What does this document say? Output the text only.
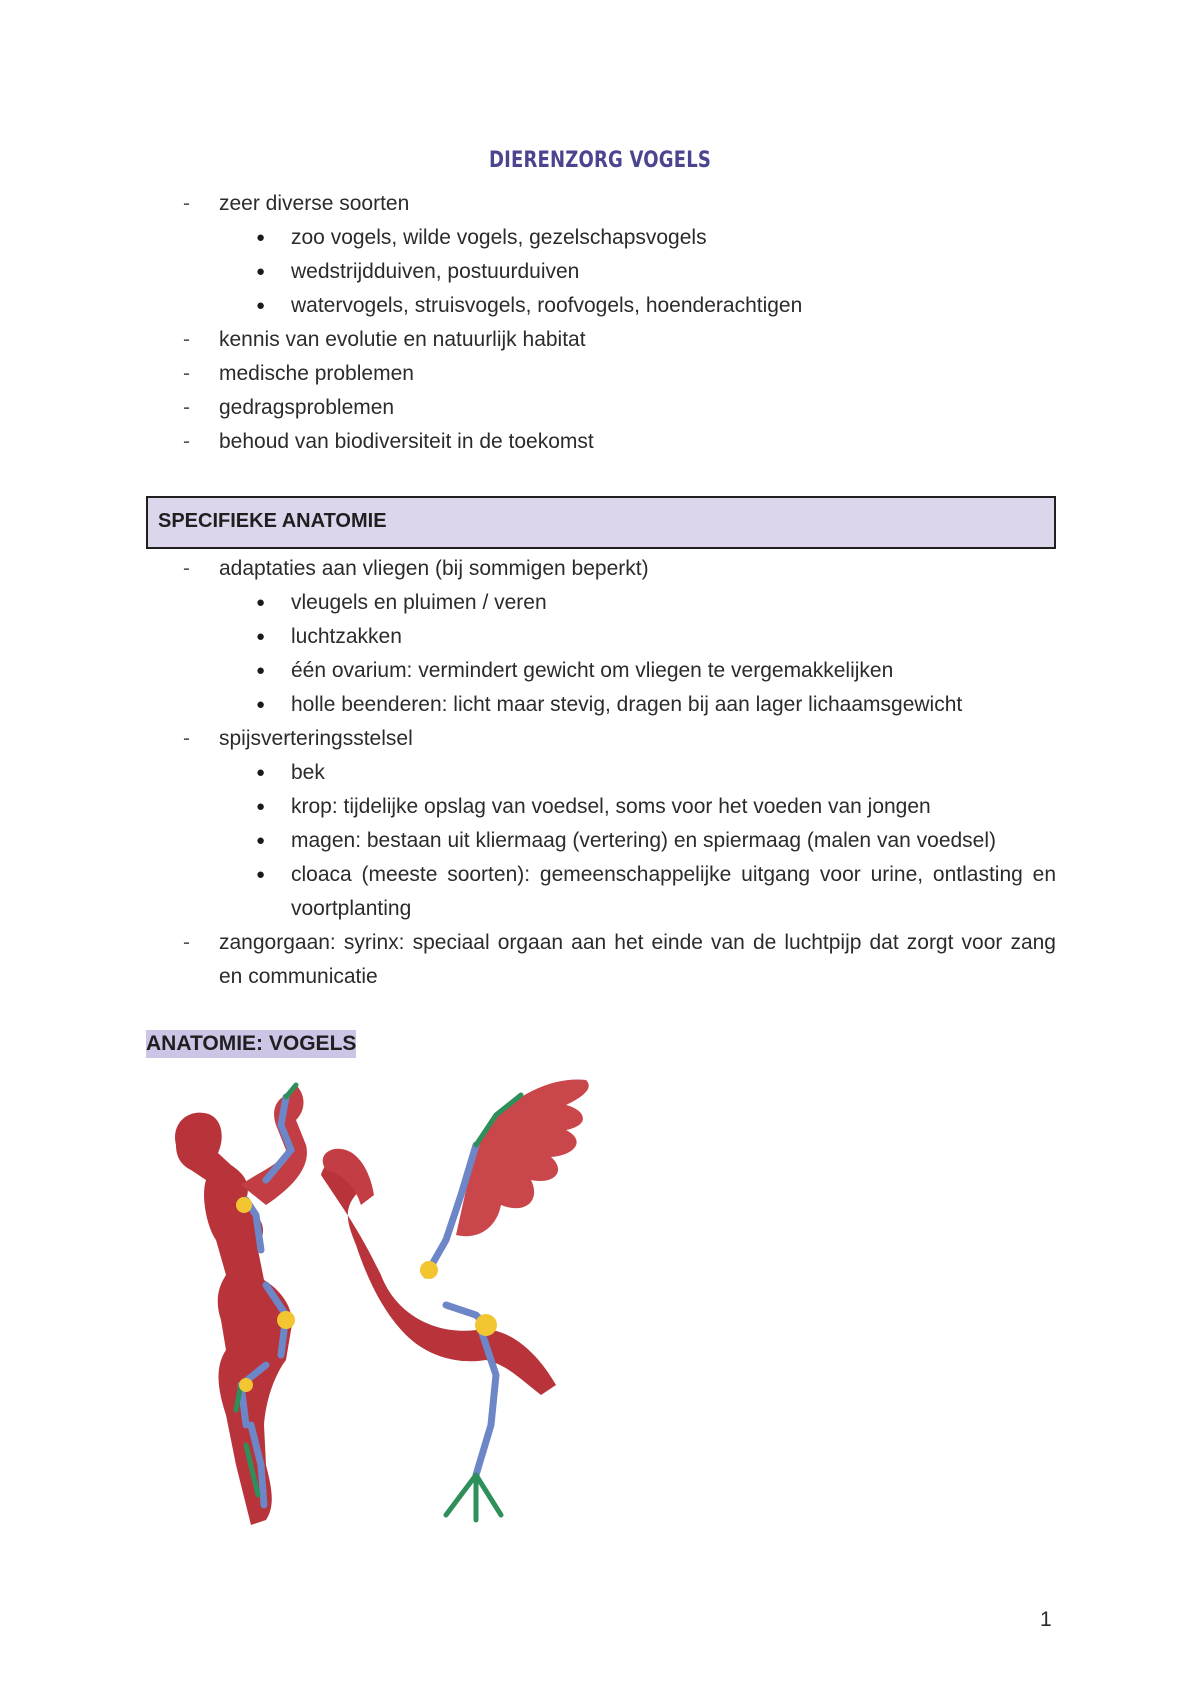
DIERENZORG VOGELS
- zeer diverse soorten
● zoo vogels, wilde vogels, gezelschapsvogels
● wedstrijdduiven, postuurduiven
● watervogels, struisvogels, roofvogels, hoenderachtigen
- kennis van evolutie en natuurlijk habitat
- medische problemen
- gedragsproblemen
- behoud van biodiversiteit in de toekomst
SPECIFIEKE ANATOMIE
- adaptaties aan vliegen (bij sommigen beperkt)
● vleugels en pluimen / veren
● luchtzakken
● één ovarium: vermindert gewicht om vliegen te vergemakkelijken
● holle beenderen: licht maar stevig, dragen bij aan lager lichaamsgewicht
- spijsverteringsstelsel
● bek
● krop: tijdelijke opslag van voedsel, soms voor het voeden van jongen
● magen: bestaan uit kliermaag (vertering) en spiermaag (malen van voedsel)
● cloaca (meeste soorten): gemeenschappelijke uitgang voor urine, ontlasting en voortplanting
- zangorgaan: syrinx: speciaal orgaan aan het einde van de luchtpijp dat zorgt voor zang en communicatie
ANATOMIE: VOGELS
1
